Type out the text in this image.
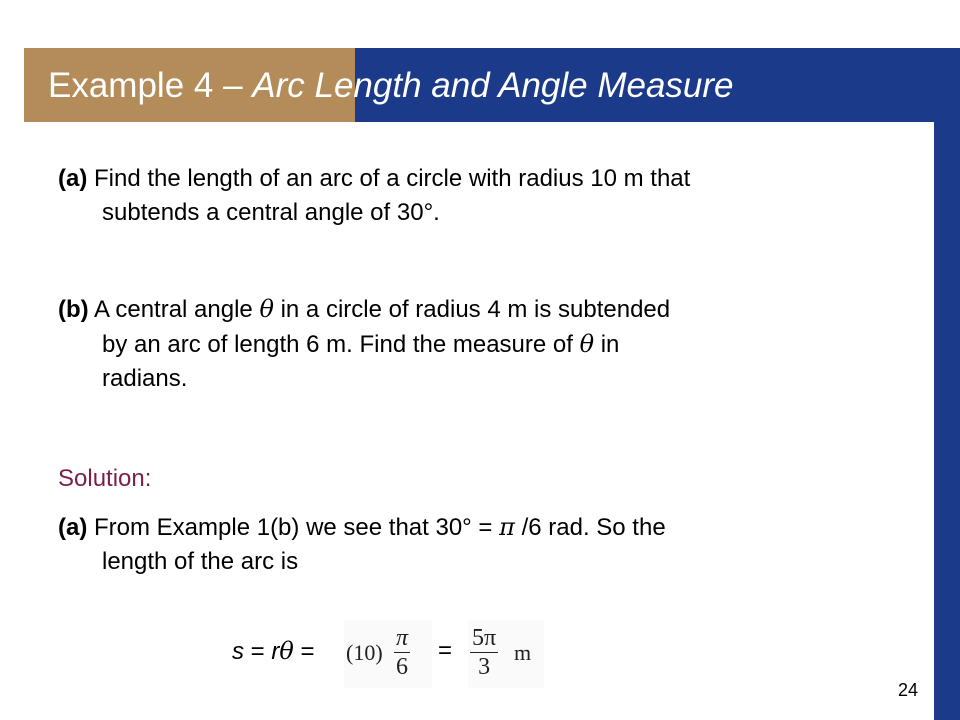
Example 4 – Arc Length and Angle Measure
(a) Find the length of an arc of a circle with radius 10 m that
subtends a central angle of 30°.
(b) A central angle θ in a circle of radius 4 m is subtended
by an arc of length 6 m. Find the measure of θ in
radians.
Solution:
(a) From Example 1(b) we see that 30° = π /6 rad. So the
length of the arc is
$s = r\theta = (10) \frac{\pi}{6} = \frac{5\pi}{3}$ m
24
